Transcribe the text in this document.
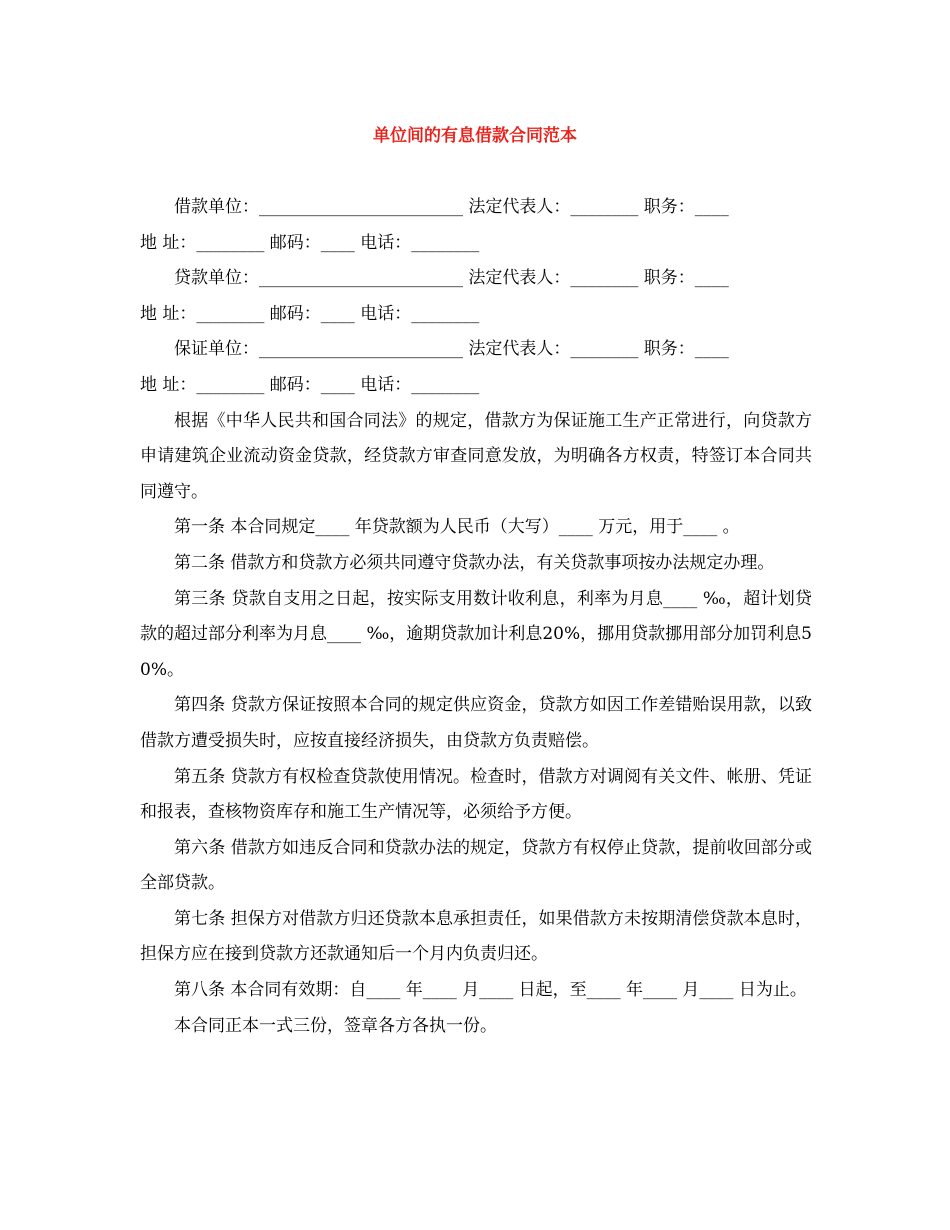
单位间的有息借款合同范本

借款单位：________________________ 法定代表人：________ 职务：____

地 址：________ 邮码：____ 电话：________

贷款单位：________________________ 法定代表人：________ 职务：____

地 址：________ 邮码：____ 电话：________

保证单位：________________________ 法定代表人：________ 职务：____

地 址：________ 邮码：____ 电话：________

根据《中华人民共和国合同法》的规定，借款方为保证施工生产正常进行，向贷款方申请建筑企业流动资金贷款，经贷款方审查同意发放，为明确各方权责，特签订本合同共同遵守。

第一条 本合同规定____ 年贷款额为人民币（大写）____ 万元，用于____ 。

第二条 借款方和贷款方必须共同遵守贷款办法，有关贷款事项按办法规定办理。

第三条 贷款自支用之日起，按实际支用数计收利息，利率为月息____ ‰，超计划贷款的超过部分利率为月息____ ‰，逾期贷款加计利息20%，挪用贷款挪用部分加罚利息50%。

第四条 贷款方保证按照本合同的规定供应资金，贷款方如因工作差错贻误用款，以致借款方遭受损失时，应按直接经济损失，由贷款方负责赔偿。

第五条 贷款方有权检查贷款使用情况。检查时，借款方对调阅有关文件、帐册、凭证和报表，查核物资库存和施工生产情况等，必须给予方便。

第六条 借款方如违反合同和贷款办法的规定，贷款方有权停止贷款，提前收回部分或全部贷款。

第七条 担保方对借款方归还贷款本息承担责任，如果借款方未按期清偿贷款本息时，担保方应在接到贷款方还款通知后一个月内负责归还。

第八条 本合同有效期：自____ 年____ 月____ 日起，至____ 年____ 月____ 日为止。

本合同正本一式三份，签章各方各执一份。
